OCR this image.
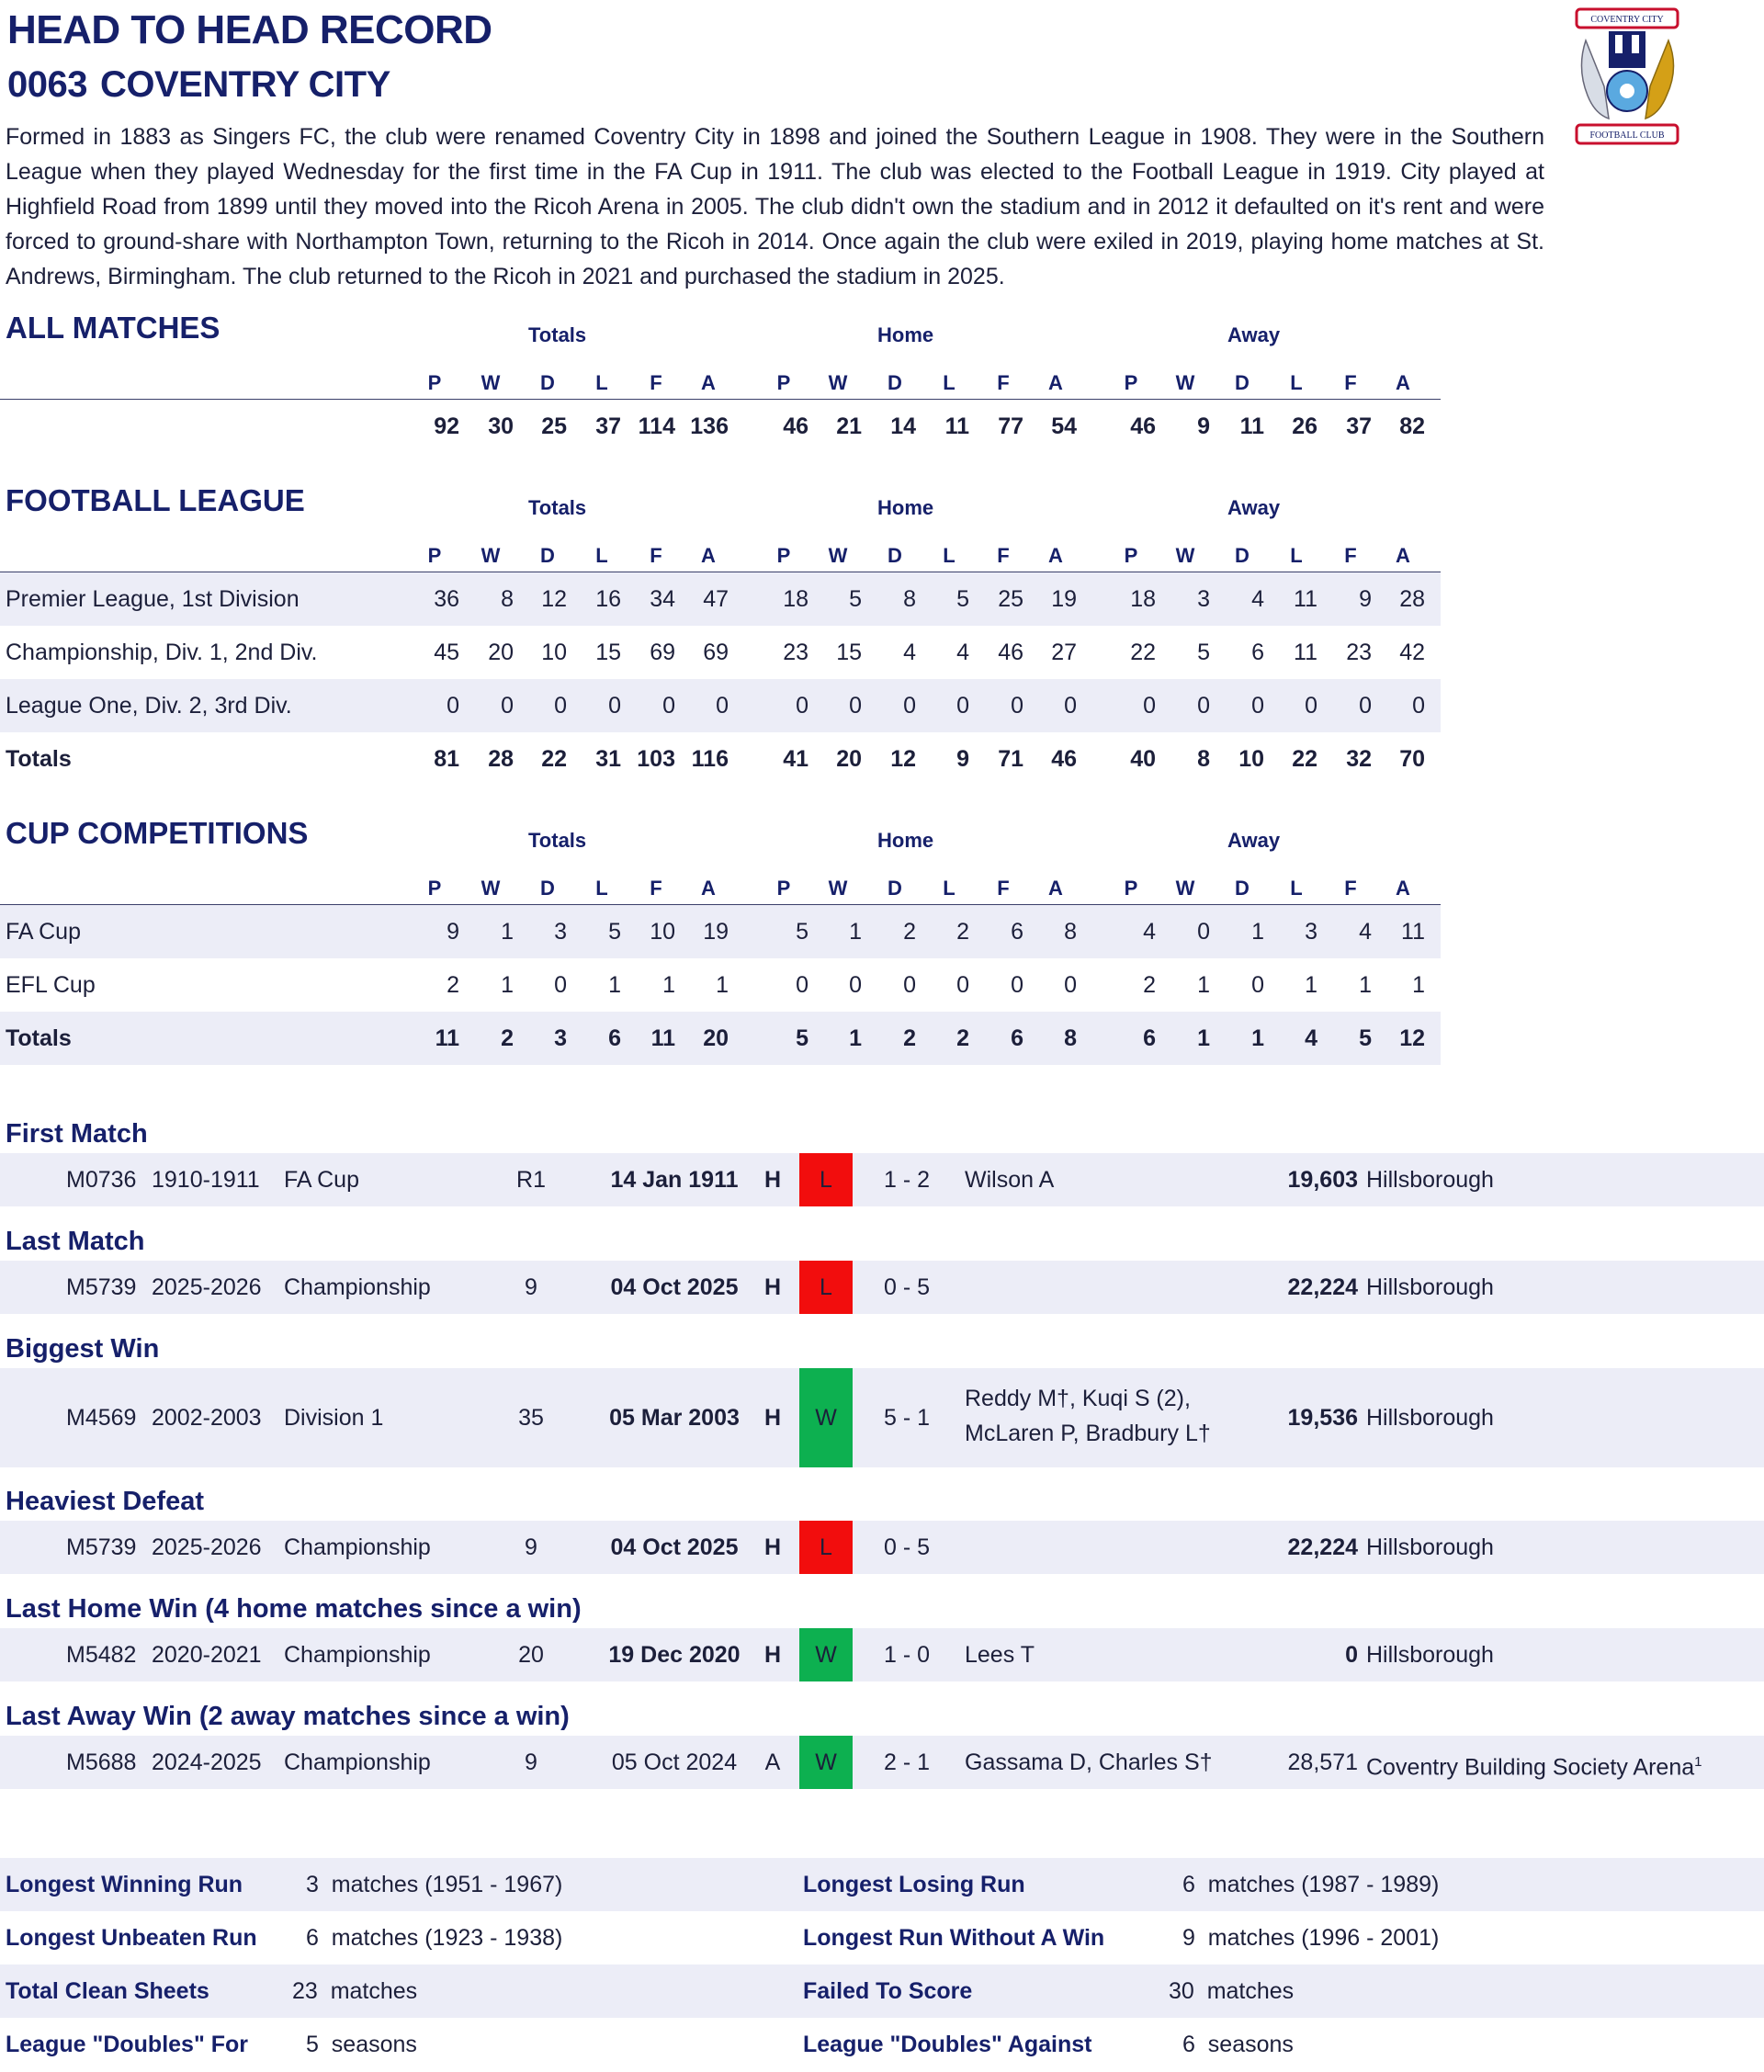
HEAD TO HEAD RECORD
0063 COVENTRY CITY
Formed in 1883 as Singers FC, the club were renamed Coventry City in 1898 and joined the Southern League in 1908. They were in the Southern League when they played Wednesday for the first time in the FA Cup in 1911. The club was elected to the Football League in 1919. City played at Highfield Road from 1899 until they moved into the Ricoh Arena in 2005. The club didn't own the stadium and in 2012 it defaulted on it's rent and were forced to ground-share with Northampton Town, returning to the Ricoh in 2014. Once again the club were exiled in 2019, playing home matches at St. Andrews, Birmingham. The club returned to the Ricoh in 2021 and purchased the stadium in 2025.
COVENTRY CITY
FOOTBALL CLUB
ALL MATCHES	Totals	Home	Away
P	W	D	L	F	A	P	W	D	L	F	A	P	W	D	L	F	A
92	30	25	37 114 136	46	21	14	11	77	54	46	9	11	26	37	82
FOOTBALL LEAGUE	Totals	Home	Away
P	W	D	L	F	A	P	W	D	L	F	A	P	W	D	L	F	A
Premier League, 1st Division	36	8	12	16	34	47	18	5	8	5	25	19	18	3	4	11	9	28
Championship, Div. 1, 2nd Div.	45	20	10	15	69	69	23	15	4	4	46	27	22	5	6	11	23	42
League One, Div. 2, 3rd Div.	0	0	0	0	0	0	0	0	0	0	0	0	0	0	0	0	0	0
Totals	81	28	22	31 103 116	41	20	12	9	71	46	40	8	10	22	32	70
CUP COMPETITIONS	Totals	Home	Away
P	W	D	L	F	A	P	W	D	L	F	A	P	W	D	L	F	A
FA Cup	9	1	3	5	10	19	5	1	2	2	6	8	4	0	1	3	4	11
EFL Cup	2	1	0	1	1	1	0	0	0	0	0	0	2	1	0	1	1	1
Totals	11	2	3	6	11	20	5	1	2	2	6	8	6	1	1	4	5	12
First Match
M0736 1910-1911 FA Cup	R1	14 Jan 1911	H	L	1 - 2	Wilson A	19,603 Hillsborough
Last Match
M5739 2025-2026 Championship	9	04 Oct 2025	H	L	0 - 5	22,224 Hillsborough
Biggest Win
M4569 2002-2003 Division 1	35	05 Mar 2003	H	W	5 - 1
Reddy M†, Kuqi S (2),
McLaren P, Bradbury L†
19,536 Hillsborough
Heaviest Defeat
M5739 2025-2026 Championship	9	04 Oct 2025	H	L	0 - 5	22,224 Hillsborough
Last Home Win (4 home matches since a win)
M5482 2020-2021 Championship	20	19 Dec 2020	H	W	1 - 0	Lees T	0 Hillsborough
Last Away Win (2 away matches since a win)
M5688 2024-2025 Championship	9	05 Oct 2024	A	W	2 - 1	Gassama D, Charles S†	28,571 Coventry Building Society Arena$^1$
Longest Winning Run	3  matches (1951 - 1967)	Longest Losing Run	6  matches (1987 - 1989)
Longest Unbeaten Run 6  matches (1923 - 1938)	Longest Run Without A Win	9  matches (1996 - 2001)
Total Clean Sheets	23  matches	Failed To Score	30  matches
League "Doubles" For	5  seasons	League "Doubles" Against	6  seasons
